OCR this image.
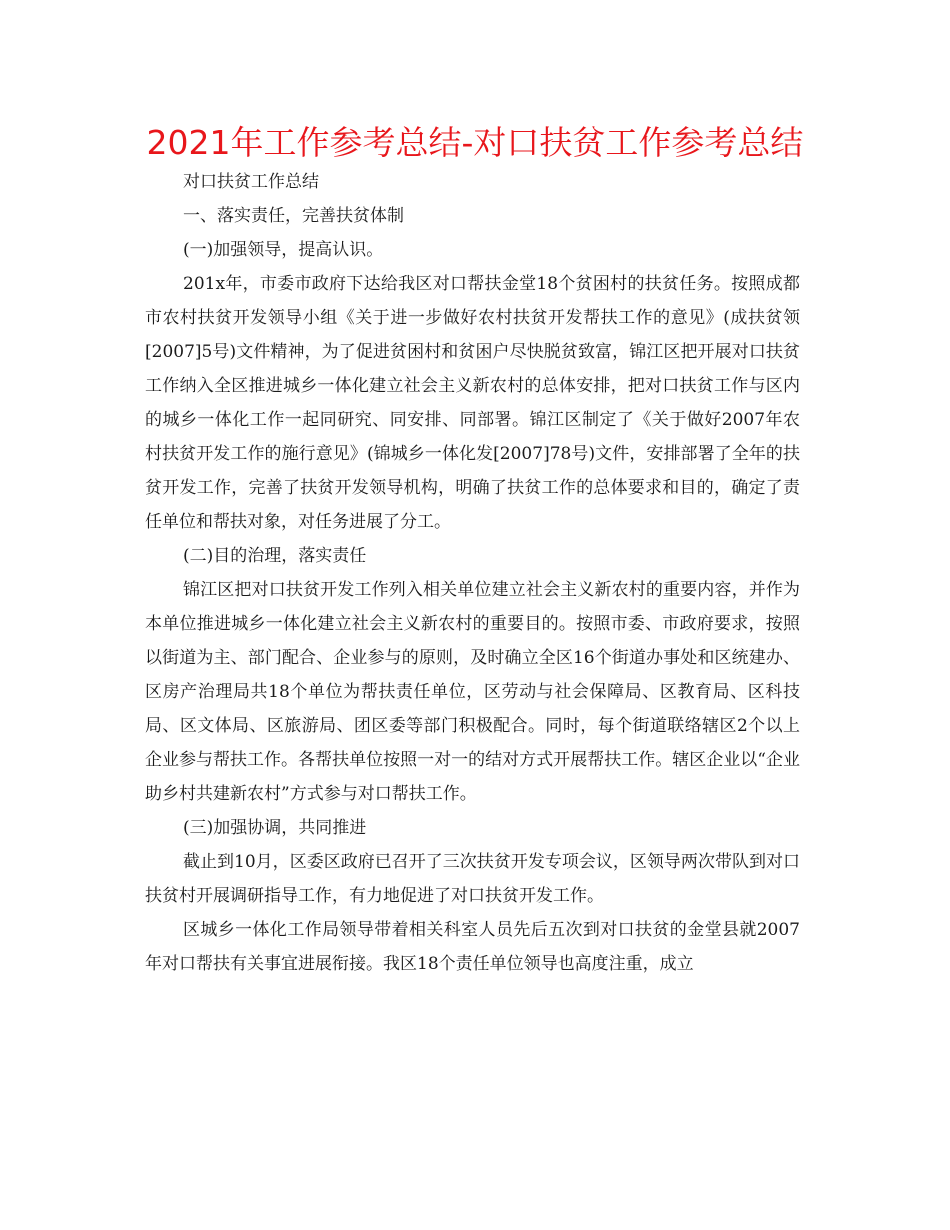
2021年工作参考总结-对口扶贫工作参考总结

对口扶贫工作总结

一、落实责任，完善扶贫体制

(一)加强领导，提高认识。

201x年，市委市政府下达给我区对口帮扶金堂18个贫困村的扶贫任务。按照成都市农村扶贫开发领导小组《关于进一步做好农村扶贫开发帮扶工作的意见》(成扶贫领[2007]5号)文件精神，为了促进贫困村和贫困户尽快脱贫致富，锦江区把开展对口扶贫工作纳入全区推进城乡一体化建立社会主义新农村的总体安排，把对口扶贫工作与区内的城乡一体化工作一起同研究、同安排、同部署。锦江区制定了《关于做好2007年农村扶贫开发工作的施行意见》(锦城乡一体化发[2007]78号)文件，安排部署了全年的扶贫开发工作，完善了扶贫开发领导机构，明确了扶贫工作的总体要求和目的，确定了责任单位和帮扶对象，对任务进展了分工。

(二)目的治理，落实责任

锦江区把对口扶贫开发工作列入相关单位建立社会主义新农村的重要内容，并作为本单位推进城乡一体化建立社会主义新农村的重要目的。按照市委、市政府要求，按照以街道为主、部门配合、企业参与的原则，及时确立全区16个街道办事处和区统建办、区房产治理局共18个单位为帮扶责任单位，区劳动与社会保障局、区教育局、区科技局、区文体局、区旅游局、团区委等部门积极配合。同时，每个街道联络辖区2个以上企业参与帮扶工作。各帮扶单位按照一对一的结对方式开展帮扶工作。辖区企业以“企业助乡村共建新农村”方式参与对口帮扶工作。

(三)加强协调，共同推进

截止到10月，区委区政府已召开了三次扶贫开发专项会议，区领导两次带队到对口扶贫村开展调研指导工作，有力地促进了对口扶贫开发工作。

区城乡一体化工作局领导带着相关科室人员先后五次到对口扶贫的金堂县就2007年对口帮扶有关事宜进展衔接。我区18个责任单位领导也高度注重，成立
